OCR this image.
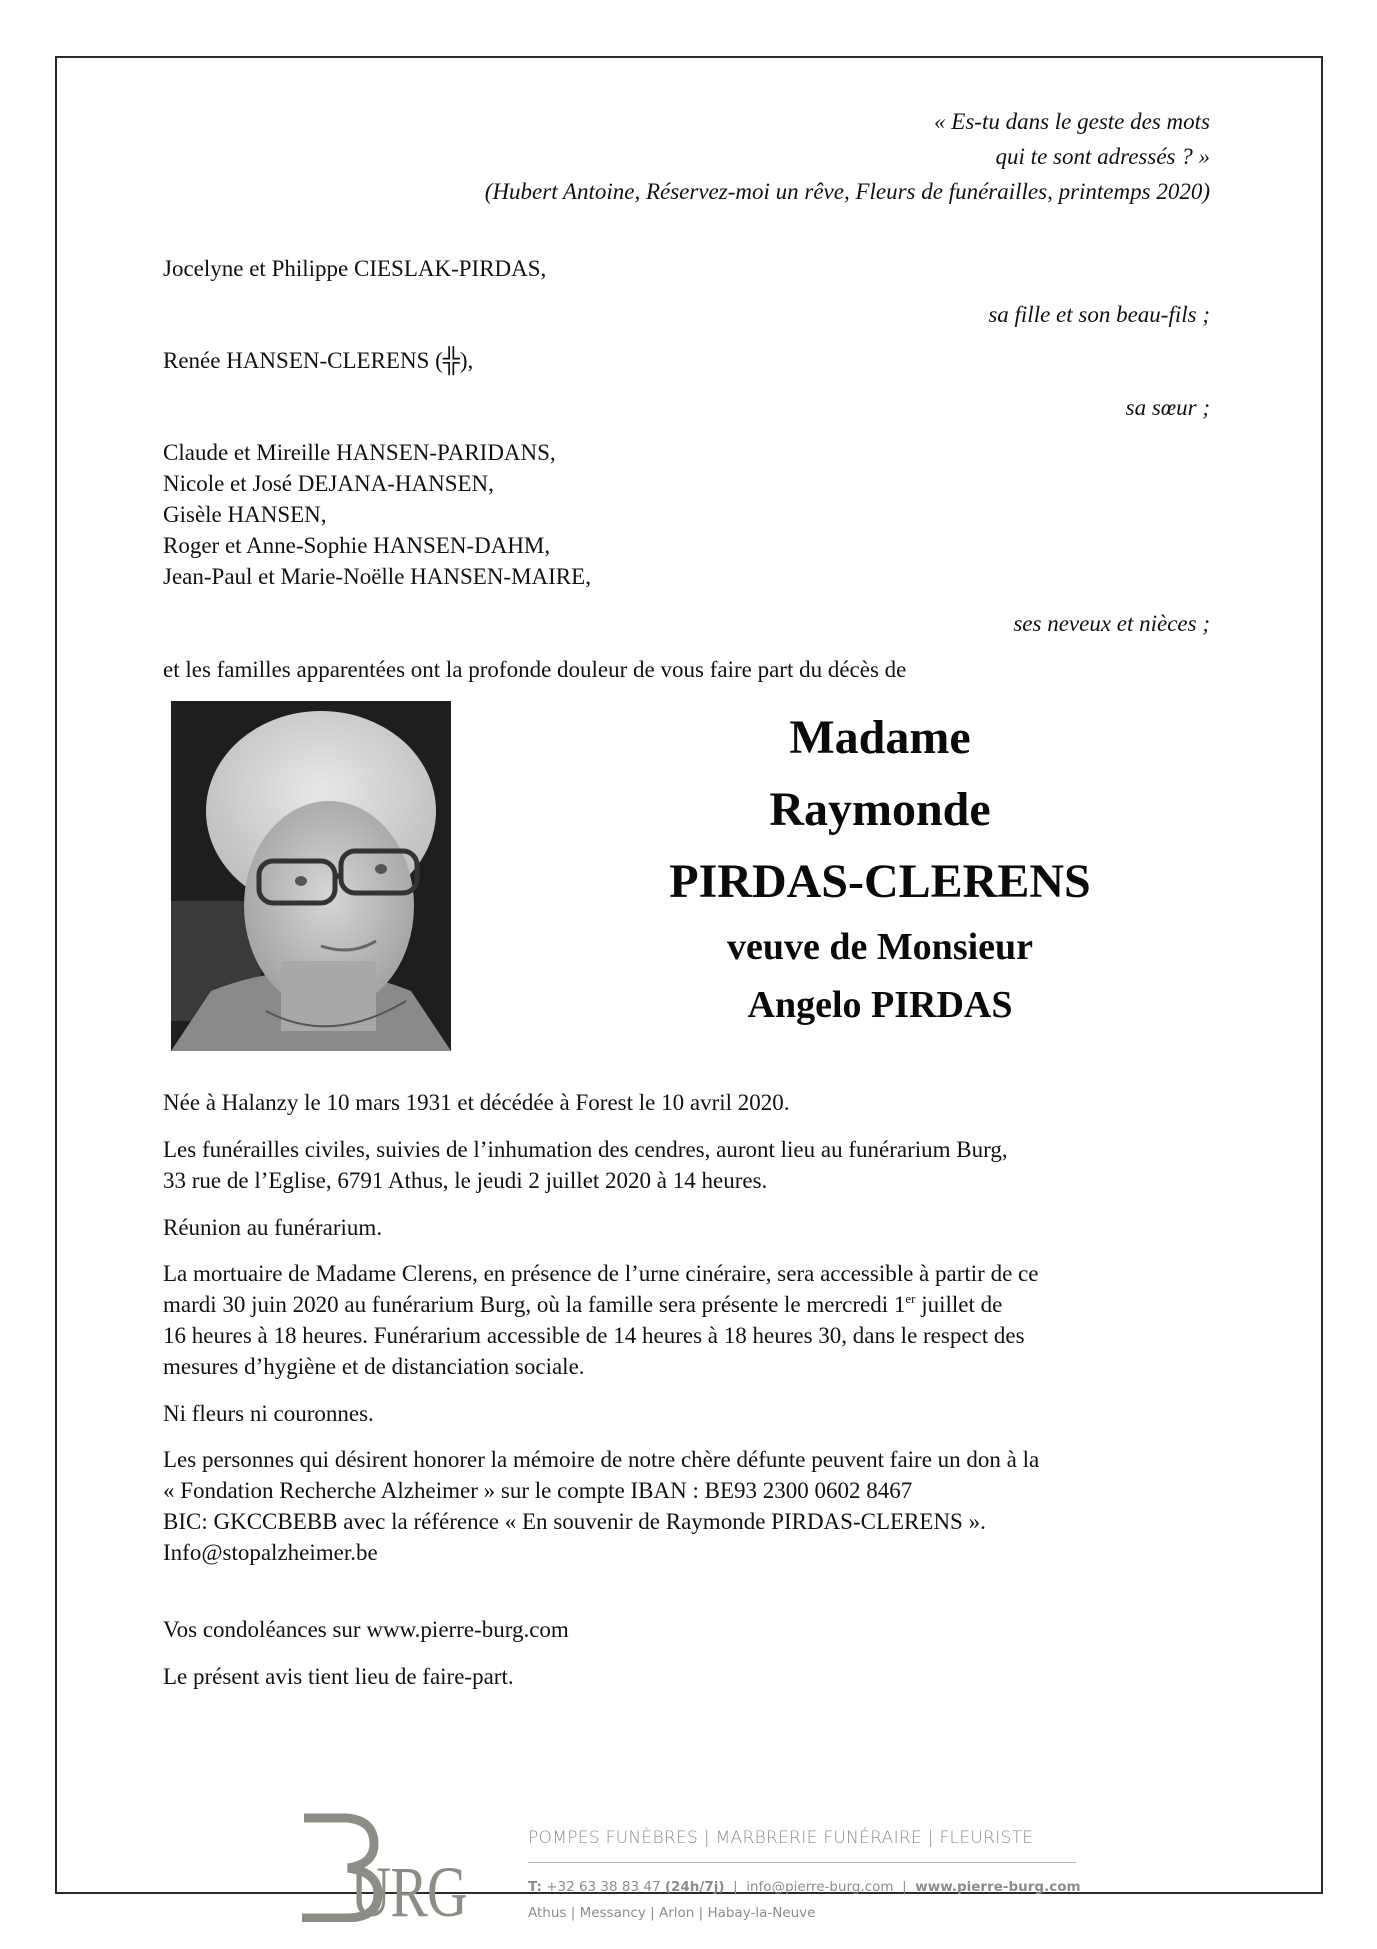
« Es-tu dans le geste des mots
qui te sont adressés ? »
(Hubert Antoine, Réservez-moi un rêve, Fleurs de funérailles, printemps 2020)
Jocelyne et Philippe CIESLAK-PIRDAS,
sa fille et son beau-fils ;
Renée HANSEN-CLERENS (╬),
sa sœur ;
Claude et Mireille HANSEN-PARIDANS,
Nicole et José DEJANA-HANSEN,
Gisèle HANSEN,
Roger et Anne-Sophie HANSEN-DAHM,
Jean-Paul et Marie-Noëlle HANSEN-MAIRE,
ses neveux et nièces ;
et les familles apparentées ont la profonde douleur de vous faire part du décès de
Madame
Raymonde
PIRDAS-CLERENS
veuve de Monsieur
Angelo PIRDAS
Née à Halanzy le 10 mars 1931 et décédée à Forest le 10 avril 2020.
Les funérailles civiles, suivies de l’inhumation des cendres, auront lieu au funérarium Burg,
33 rue de l’Eglise, 6791 Athus, le jeudi 2 juillet 2020 à 14 heures.
Réunion au funérarium.
La mortuaire de Madame Clerens, en présence de l’urne cinéraire, sera accessible à partir de ce
mardi 30 juin 2020 au funérarium Burg, où la famille sera présente le mercredi 1er juillet de
16 heures à 18 heures. Funérarium accessible de 14 heures à 18 heures 30, dans le respect des
mesures d’hygiène et de distanciation sociale.
Ni fleurs ni couronnes.
Les personnes qui désirent honorer la mémoire de notre chère défunte peuvent faire un don à la
« Fondation Recherche Alzheimer » sur le compte IBAN : BE93 2300 0602 8467
BIC: GKCCBEBB avec la référence « En souvenir de Raymonde PIRDAS-CLERENS ».
Info@stopalzheimer.be
Vos condoléances sur www.pierre-burg.com
Le présent avis tient lieu de faire-part.
URG
POMPES FUNÈBRES | MARBRERIE FUNÉRAIRE | FLEURISTE
T: +32 63 38 83 47 (24h/7j)  |  info@pierre-burg.com  |  www.pierre-burg.com
Athus | Messancy | Arlon | Habay-la-Neuve
